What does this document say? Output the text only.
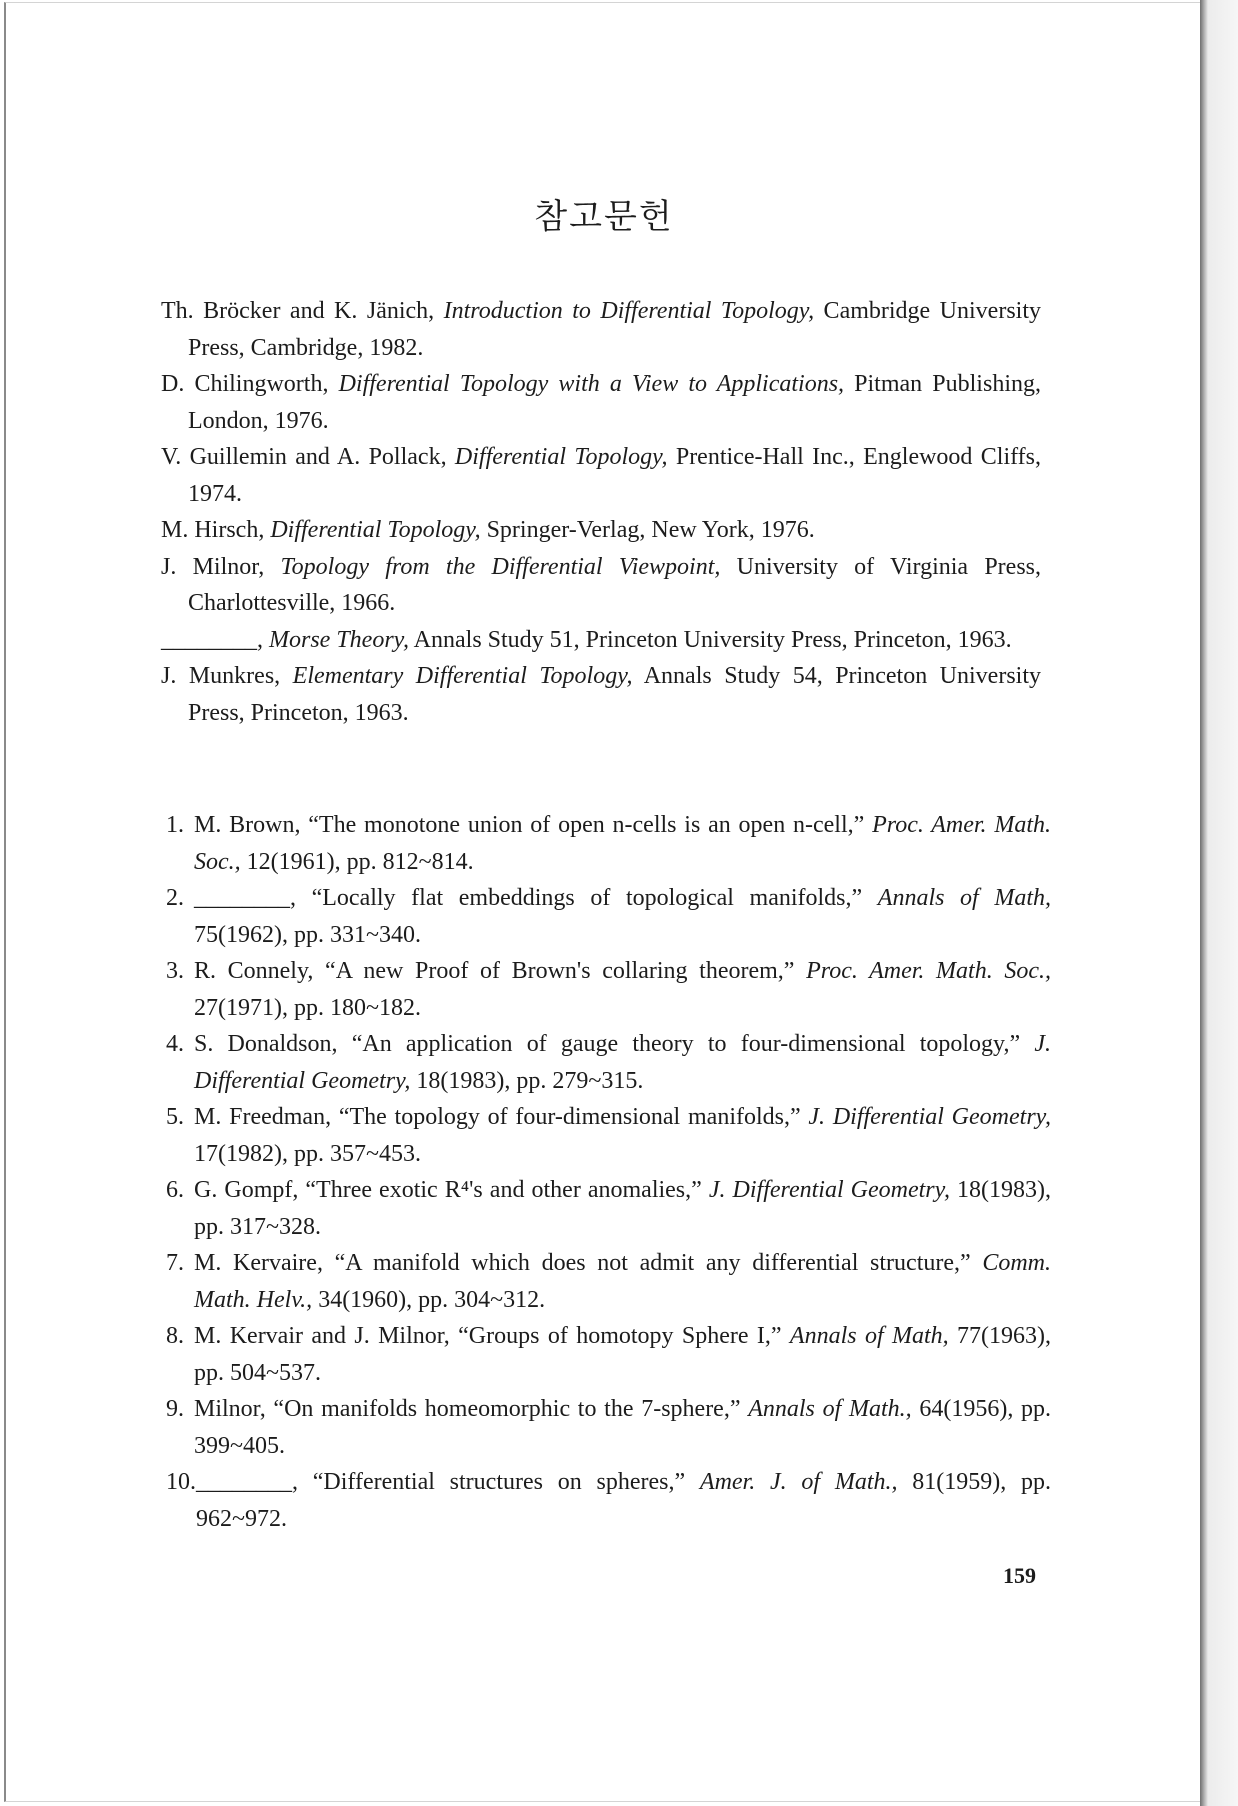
참고문헌

Th. Bröcker and K. Jänich, Introduction to Differential Topology, Cambridge University Press, Cambridge, 1982.

D. Chilingworth, Differential Topology with a View to Applications, Pitman Publishing, London, 1976.

V. Guillemin and A. Pollack, Differential Topology, Prentice-Hall Inc., Englewood Cliffs, 1974.

M. Hirsch, Differential Topology, Springer-Verlag, New York, 1976.

J. Milnor, Topology from the Differential Viewpoint, University of Virginia Press, Charlottesville, 1966.

________, Morse Theory, Annals Study 51, Princeton University Press, Princeton, 1963.

J. Munkres, Elementary Differential Topology, Annals Study 54, Princeton University Press, Princeton, 1963.

1. M. Brown, “The monotone union of open n-cells is an open n-cell,” Proc. Amer. Math. Soc., 12(1961), pp. 812~814.
2. ________, “Locally flat embeddings of topological manifolds,” Annals of Math, 75(1962), pp. 331~340.
3. R. Connely, “A new Proof of Brown's collaring theorem,” Proc. Amer. Math. Soc., 27(1971), pp. 180~182.
4. S. Donaldson, “An application of gauge theory to four-dimensional topology,” J. Differential Geometry, 18(1983), pp. 279~315.
5. M. Freedman, “The topology of four-dimensional manifolds,” J. Differential Geometry, 17(1982), pp. 357~453.
6. G. Gompf, “Three exotic R⁴'s and other anomalies,” J. Differential Geometry, 18(1983), pp. 317~328.
7. M. Kervaire, “A manifold which does not admit any differential structure,” Comm. Math. Helv., 34(1960), pp. 304~312.
8. M. Kervair and J. Milnor, “Groups of homotopy Sphere I,” Annals of Math, 77(1963), pp. 504~537.
9. Milnor, “On manifolds homeomorphic to the 7-sphere,” Annals of Math., 64(1956), pp. 399~405.
10. ________, “Differential structures on spheres,” Amer. J. of Math., 81(1959), pp. 962~972.
159
